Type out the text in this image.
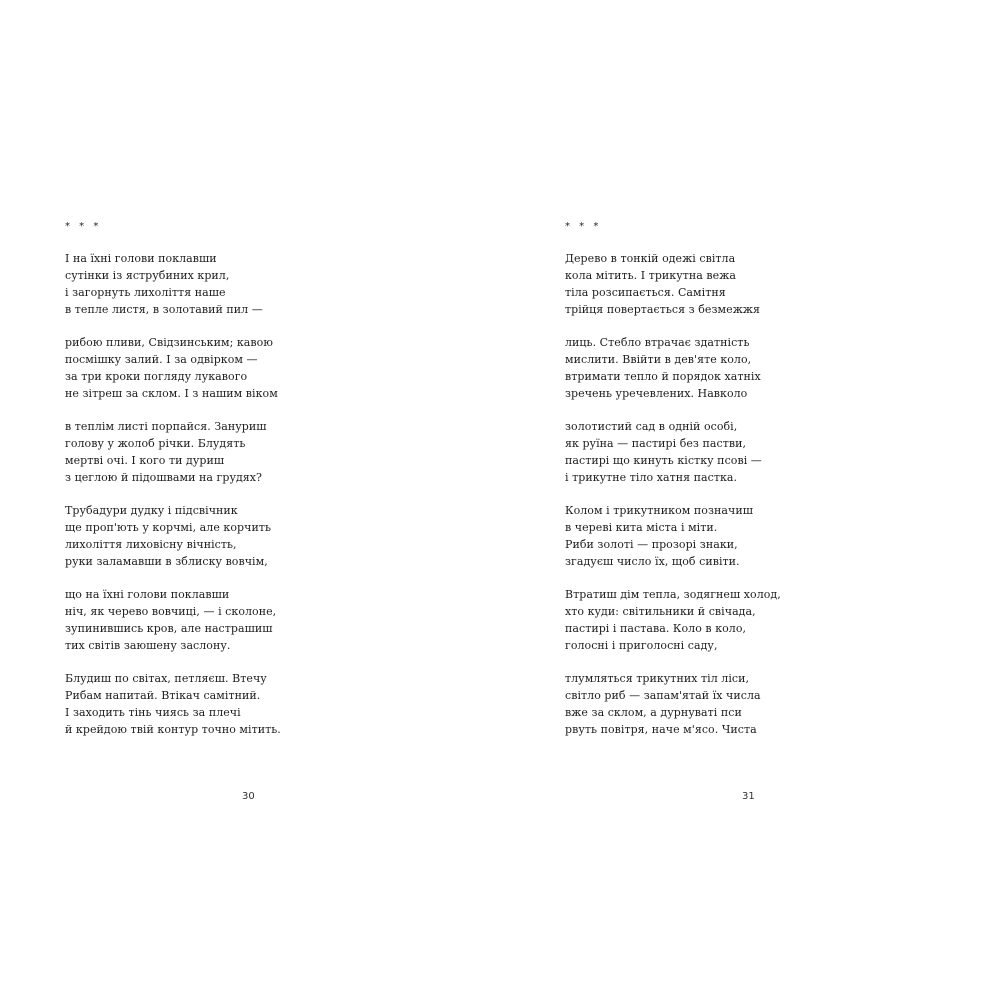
* * *
І на їхні голови поклавши
сутінки із яструбиних крил,
і загорнуть лихоліття наше
в тепле листя, в золотавий пил —
рибою пливи, Свідзинським; кавою
посмішку залий. І за одвірком —
за три кроки погляду лукавого
не зітреш за склом. І з нашим віком
в теплім листі порпайся. Зануриш
голову у жолоб річки. Блудять
мертві очі. І кого ти дуриш
з цеглою й підошвами на грудях?
Трубадури дудку і підсвічник
ще проп'ють у корчмі, але корчить
лихоліття лиховісну вічність,
руки заламавши в зблиску вовчім,
що на їхні голови поклавши
ніч, як черево вовчиці, — і сколоне,
зупинившись кров, але настрашиш
тих світів заюшену заслону.
Блудиш по світах, петляєш. Втечу
Рибам напитай. Втікач самітний.
І заходить тінь чиясь за плечі
й крейдою твій контур точно мітить.
30
* * *
Дерево в тонкій одежі світла
кола мітить. І трикутна вежа
тіла розсипається. Самітня
трійця повертається з безмежжя
лиць. Стебло втрачає здатність
мислити. Ввійти в дев'яте коло,
втримати тепло й порядок хатніх
зречень уречевлених. Навколо
золотистий сад в одній особі,
як руїна — пастирі без пастви,
пастирі що кинуть кістку псові —
і трикутне тіло хатня пастка.
Колом і трикутником позначиш
в череві кита міста і міти.
Риби золоті — прозорі знаки,
згадуєш число їх, щоб сивіти.
Втратиш дім тепла, зодягнеш холод,
хто куди: світильники й свічада,
пастирі і пастава. Коло в коло,
голосні і приголосні саду,
тлумляться трикутних тіл ліси,
світло риб — запам'ятай їх числа
вже за склом, а дурнуваті пси
рвуть повітря, наче м'ясо. Чиста
31
